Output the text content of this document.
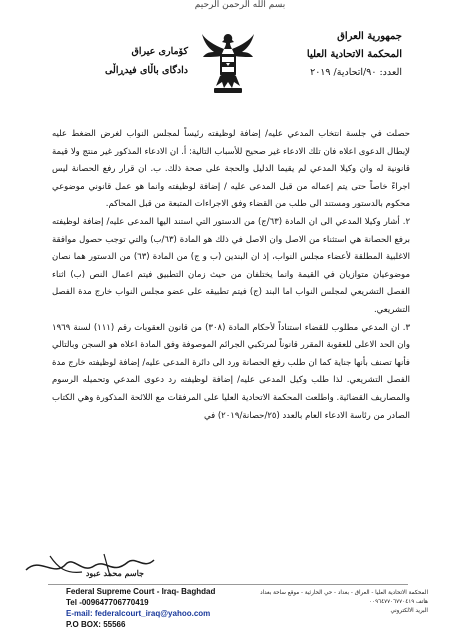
بسم الله الرحمن الرحيم
جمهورية العراق
المحكمة الاتحادية العليا
العدد: ٩٠/اتحادية/ ٢٠١٩
كۆماری عیراق
دادگای باڵای فیدڕاڵی

حصلت في جلسة انتخاب المدعي عليه/ إضافة لوظيفته رئيساً لمجلس النواب لغرض الضغط عليه لإبطال الدعوى اعلاه فان تلك الادعاء غير صحيح للأسباب التالية: أ. ان الادعاء المذكور غير منتج ولا قيمة قانونية له وان وكيلا المدعي لم يقيما الدليل والحجة على صحة ذلك. ب. ان قرار رفع الحصانة ليس اجراءً خاصاً حتى يتم إعماله من قبل المدعى عليه / إضافة لوظيفته وانما هو عمل قانوني موضوعي محكوم بالدستور ومستند الى طلب من القضاء وفق الاجراءات المتبعة من قبل المحاكم.

٢. أشار وكيلا المدعي الى ان المادة (٦٣/ج) من الدستور التي استند اليها المدعى عليه/ إضافة لوظيفته برفع الحصانة هي استثناء من الاصل وان الاصل في ذلك هو المادة (٦٣/ب) والتي توجب حصول موافقة الاغلبية المطلقة لأعضاء مجلس النواب، إذ ان البندين (ب و ج) من المادة (٦٣) من الدستور هما نصان موضوعيان متوازيان في القيمة وانما يختلفان من حيث زمان التطبيق فيتم اعمال النص (ب) اثناء الفصل التشريعي لمجلس النواب اما البند (ج) فيتم تطبيقه على عضو مجلس النواب خارج مدة الفصل التشريعي.

٣. ان المدعي مطلوب للقضاء استناداً لأحكام المادة (٣٠٨) من قانون العقوبات رقم (١١١) لسنة ١٩٦٩ وان الحد الاعلى للعقوبة المقرر قانوناً لمرتكبي الجرائم الموصوفة وفق المادة اعلاه هو السجن وبالتالي فأنها تصنف بأنها جناية كما ان طلب رفع الحصانة ورد الى دائرة المدعى عليه/ إضافة لوظيفته خارج مدة الفصل التشريعي. لذا طلب وكيل المدعى عليه/ إضافة لوظيفته رد دعوى المدعي وتحميله الرسوم والمصاريف القضائية. واطلعت المحكمة الاتحادية العليا على المرفقات مع اللائحة المذكورة وهي الكتاب الصادر من رئاسة الادعاء العام بالعدد (٢٥/حصانة/٢٠١٩) في

جاسم محمد عبود
Federal Supreme Court - Iraq- Baghdad
Tel -009647706770419
E-mail: federalcourt_iraq@yahoo.com
P.O BOX: 55566
المحكمة الاتحادية العليا - العراق - بغداد - حي الحارثية - موقع ساحة بغداد
هاتف ٠٠٩٦٤٧٧٠٦٧٧٠٤١٩
البريد الالكتروني
